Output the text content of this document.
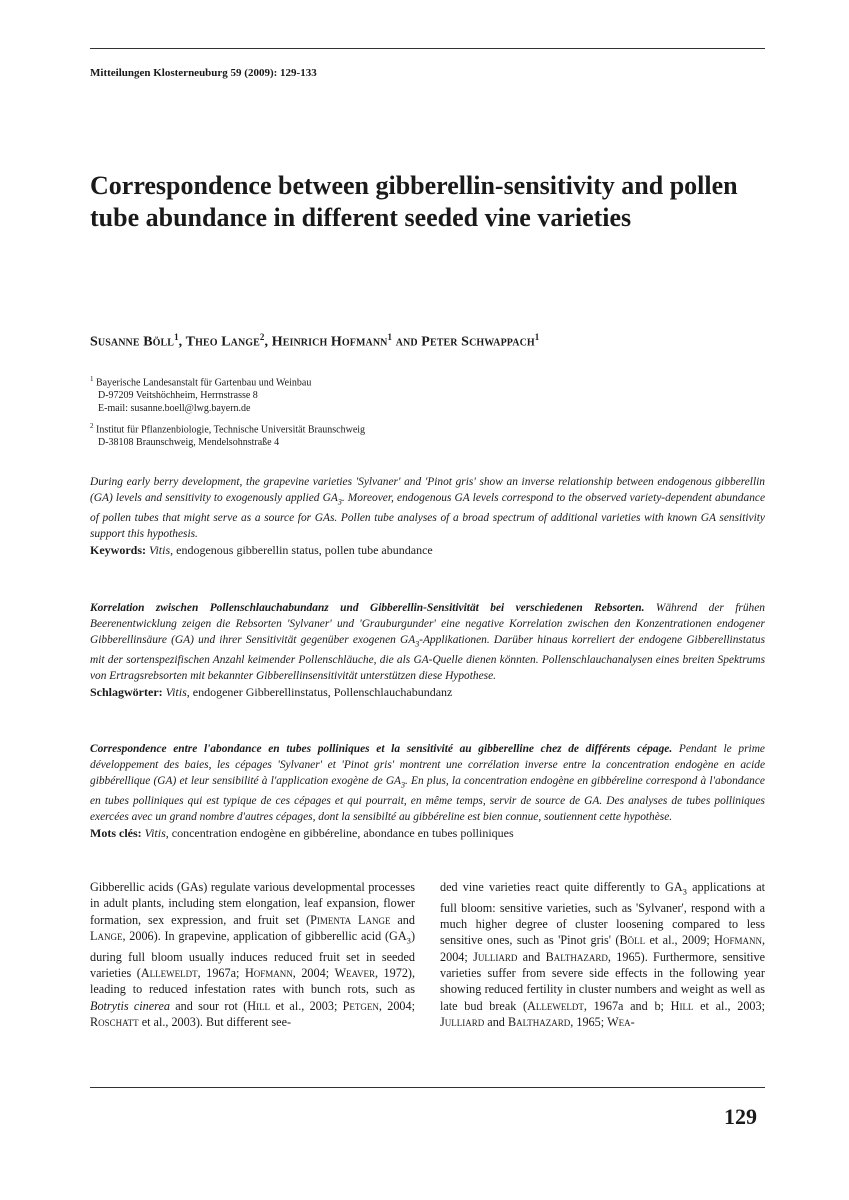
Mitteilungen Klosterneuburg 59 (2009): 129-133
Correspondence between gibberellin-sensitivity and pollen tube abundance in different seeded vine varieties
Susanne Böll$^1$, Theo Lange$^2$, Heinrich Hofmann$^1$ and Peter Schwappach$^1$
$^1$ Bayerische Landesanstalt für Gartenbau und Weinbau
D-97209 Veitshöchheim, Herrnstrasse 8
E-mail: susanne.boell@lwg.bayern.de
$^2$ Institut für Pflanzenbiologie, Technische Universität Braunschweig
D-38108 Braunschweig, Mendelsohnstraße 4
During early berry development, the grapevine varieties 'Sylvaner' and 'Pinot gris' show an inverse relationship between endogenous gibberellin (GA) levels and sensitivity to exogenously applied $GA_3$. Moreover, endogenous GA levels correspond to the observed variety-dependent abundance of pollen tubes that might serve as a source for GAs. Pollen tube analyses of a broad spectrum of additional varieties with known GA sensitivity support this hypothesis.
Keywords: Vitis, endogenous gibberellin status, pollen tube abundance
Korrelation zwischen Pollenschlauchabundanz und Gibberellin-Sensitivität bei verschiedenen Rebsorten. Während der frühen Beerenentwicklung zeigen die Rebsorten 'Sylvaner' und 'Grauburgunder' eine negative Korrelation zwischen den Konzentrationen endogener Gibberellinsäure (GA) und ihrer Sensitivität gegenüber exogenen $GA_3$-Applikationen. Darüber hinaus korreliert der endogene Gibberellinstatus mit der sortenspezifischen Anzahl keimender Pollenschläuche, die als GA-Quelle dienen könnten. Pollenschlauchanalysen eines breiten Spektrums von Ertragsrebsorten mit bekannter Gibberellinsensitivität unterstützen diese Hypothese.
Schlagwörter: Vitis, endogener Gibberellinstatus, Pollenschlauchabundanz
Correspondence entre l'abondance en tubes polliniques et la sensitivité au gibberelline chez de différents cépage. Pendant le prime développement des baies, les cépages 'Sylvaner' et 'Pinot gris' montrent une corrélation inverse entre la concentration endogène en acide gibbérellique (GA) et leur sensibilité à l'application exogène de $GA_3$. En plus, la concentration endogène en gibbéreline correspond à l'abondance en tubes polliniques qui est typique de ces cépages et qui pourrait, en même temps, servir de source de GA. Des analyses de tubes polliniques exercées avec un grand nombre d'autres cépages, dont la sensibilté au gibbéreline est bien connue, soutiennent cette hypothèse.
Mots clés: Vitis, concentration endogène en gibbéreline, abondance en tubes polliniques
Gibberellic acids (GAs) regulate various developmental processes in adult plants, including stem elongation, leaf expansion, flower formation, sex expression, and fruit set (Pimenta Lange and Lange, 2006). In grapevine, application of gibberellic acid $(GA_3)$ during full bloom usually induces reduced fruit set in seeded varieties (Alleweldt, 1967a; Hofmann, 2004; Weaver, 1972), leading to reduced infestation rates with bunch rots, such as Botrytis cinerea and sour rot (Hill et al., 2003; Petgen, 2004; Roschatt et al., 2003). But different see-
ded vine varieties react quite differently to $GA_3$ applications at full bloom: sensitive varieties, such as 'Sylvaner', respond with a much higher degree of cluster loosening compared to less sensitive ones, such as 'Pinot gris' (Böll et al., 2009; Hofmann, 2004; Julliard and Balthazard, 1965). Furthermore, sensitive varieties suffer from severe side effects in the following year showing reduced fertility in cluster numbers and weight as well as late bud break (Alleweldt, 1967a and b; Hill et al., 2003; Julliard and Balthazard, 1965; Wea-
129
